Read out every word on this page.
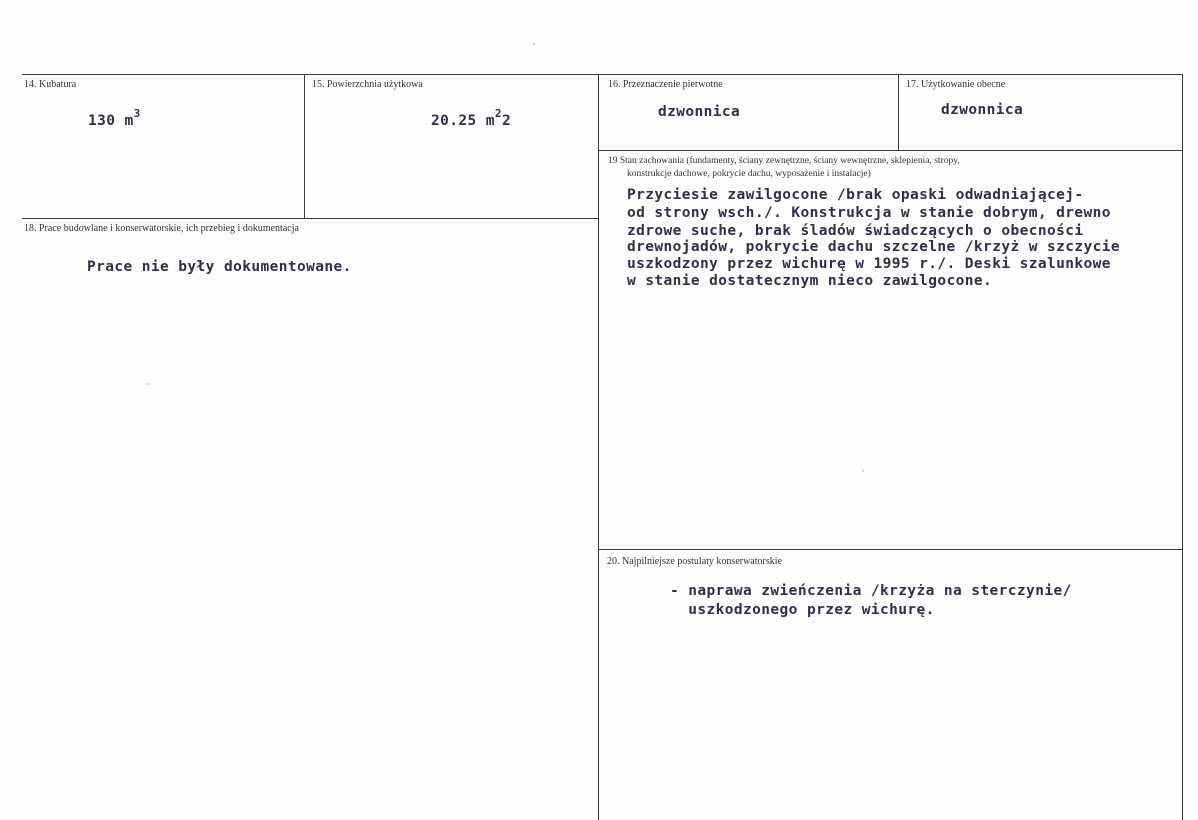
14. Kubatura
130 $m^3$
15. Powierzchnia użytkowa
20.25 $m^22$
16. Przeznaczenie pierwotne
dzwonnica
17. Użytkowanie obecne
dzwonnica
18. Prace budowlane i konserwatorskie, ich przebieg i dokumentacja
Prace nie były dokumentowane.
19 Stan zachowania (fundamenty, ściany zewnętrzne, ściany wewnętrzne, sklepienia, stropy,
konstrukcje dachowe, pokrycie dachu, wyposażenie i instalacje)
Przyciesie zawilgocone /brak opaski odwadniającej-
od strony wsch./. Konstrukcja w stanie dobrym, drewno
zdrowe suche, brak śladów świadczących o obecności
drewnojadów, pokrycie dachu szczelne /krzyż w szczycie
uszkodzony przez wichurę w 1995 r./. Deski szalunkowe
w stanie dostatecznym nieco zawilgocone.
20. Najpilniejsze postulaty konserwatorskie
- naprawa zwieńczenia /krzyża na sterczynie/
uszkodzonego przez wichurę.
